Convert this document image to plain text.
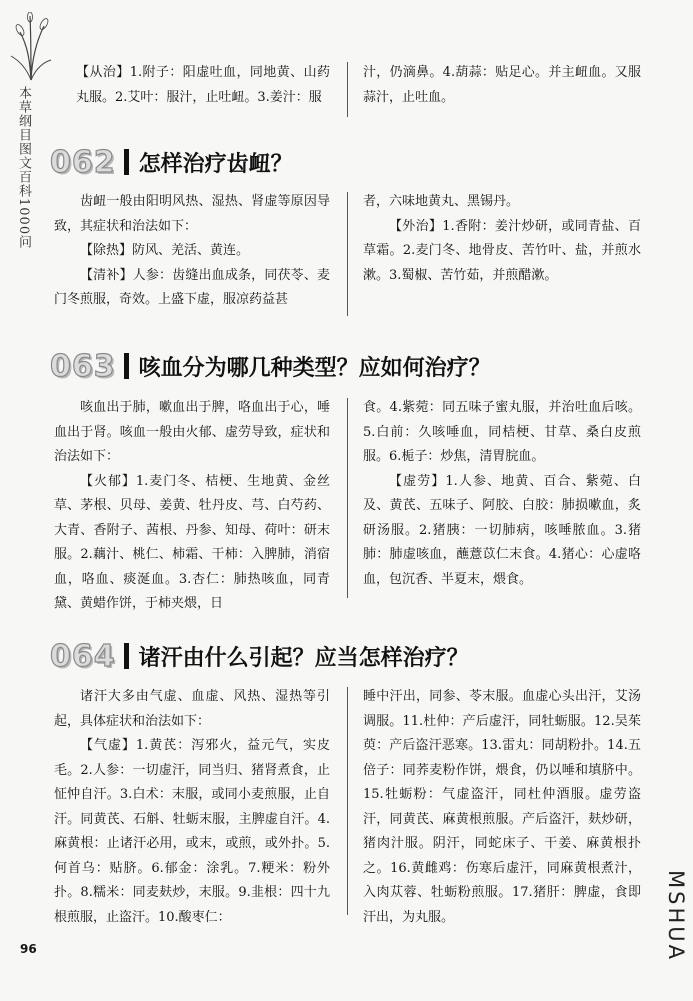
本草纲目图文百科1000问

【从治】1.附子：阳虚吐血，同地黄、山药丸服。2.艾叶：服汁，止吐衄。3.姜汁：服

汁，仍滴鼻。4.葫蒜：贴足心。并主衄血。又服蒜汁，止吐血。

062 怎样治疗齿衄？

齿衄一般由阳明风热、湿热、肾虚等原因导致，其症状和治法如下：

【除热】防风、羌活、黄连。

【清补】人参：齿缝出血成条，同茯苓、麦门冬煎服，奇效。上盛下虚，服凉药益甚

者，六味地黄丸、黑锡丹。

【外治】1.香附：姜汁炒研，或同青盐、百草霜。2.麦门冬、地骨皮、苦竹叶、盐，并煎水漱。3.蜀椒、苦竹茹，并煎醋漱。

063 咳血分为哪几种类型？应如何治疗？

咳血出于肺，嗽血出于脾，咯血出于心，唾血出于肾。咳血一般由火郁、虚劳导致，症状和治法如下：

【火郁】1.麦门冬、桔梗、生地黄、金丝草、茅根、贝母、姜黄、牡丹皮、芎、白芍药、大青、香附子、茜根、丹参、知母、荷叶：研末服。2.藕汁、桃仁、柿霜、干柿：入脾肺，消宿血，咯血、痰涎血。3.杏仁：肺热咳血，同青黛、黄蜡作饼，于柿夹煨，日

食。4.紫菀：同五味子蜜丸服，并治吐血后咳。5.白前：久咳唾血，同桔梗、甘草、桑白皮煎服。6.栀子：炒焦，清胃脘血。

【虚劳】1.人参、地黄、百合、紫菀、白及、黄芪、五味子、阿胶、白胶：肺损嗽血，炙研汤服。2.猪胰：一切肺病，咳唾脓血。3.猪肺：肺虚咳血，蘸薏苡仁末食。4.猪心：心虚咯血，包沉香、半夏末，煨食。

064 诸汗由什么引起？应当怎样治疗？

诸汗大多由气虚、血虚、风热、湿热等引起，具体症状和治法如下：

【气虚】1.黄芪：泻邪火，益元气，实皮毛。2.人参：一切虚汗，同当归、猪肾煮食，止怔忡自汗。3.白术：末服，或同小麦煎服，止自汗。同黄芪、石斛、牡蛎末服，主脾虚自汗。4.麻黄根：止诸汗必用，或末，或煎，或外扑。5.何首乌：贴脐。6.郁金：涂乳。7.粳米：粉外扑。8.糯米：同麦麸炒，末服。9.韭根：四十九根煎服，止盗汗。10.酸枣仁：

睡中汗出，同参、苓末服。血虚心头出汗，艾汤调服。11.杜仲：产后虚汗，同牡蛎服。12.吴茱萸：产后盗汗恶寒。13.雷丸：同胡粉扑。14.五倍子：同荞麦粉作饼，煨食，仍以唾和填脐中。15.牡蛎粉：气虚盗汗，同杜仲酒服。虚劳盗汗，同黄芪、麻黄根煎服。产后盗汗，麸炒研，猪肉汁服。阴汗，同蛇床子、干姜、麻黄根扑之。16.黄雌鸡：伤寒后虚汗，同麻黄根煮汁，入肉苁蓉、牡蛎粉煎服。17.猪肝：脾虚，食即汗出，为丸服。

96	MSHUA
